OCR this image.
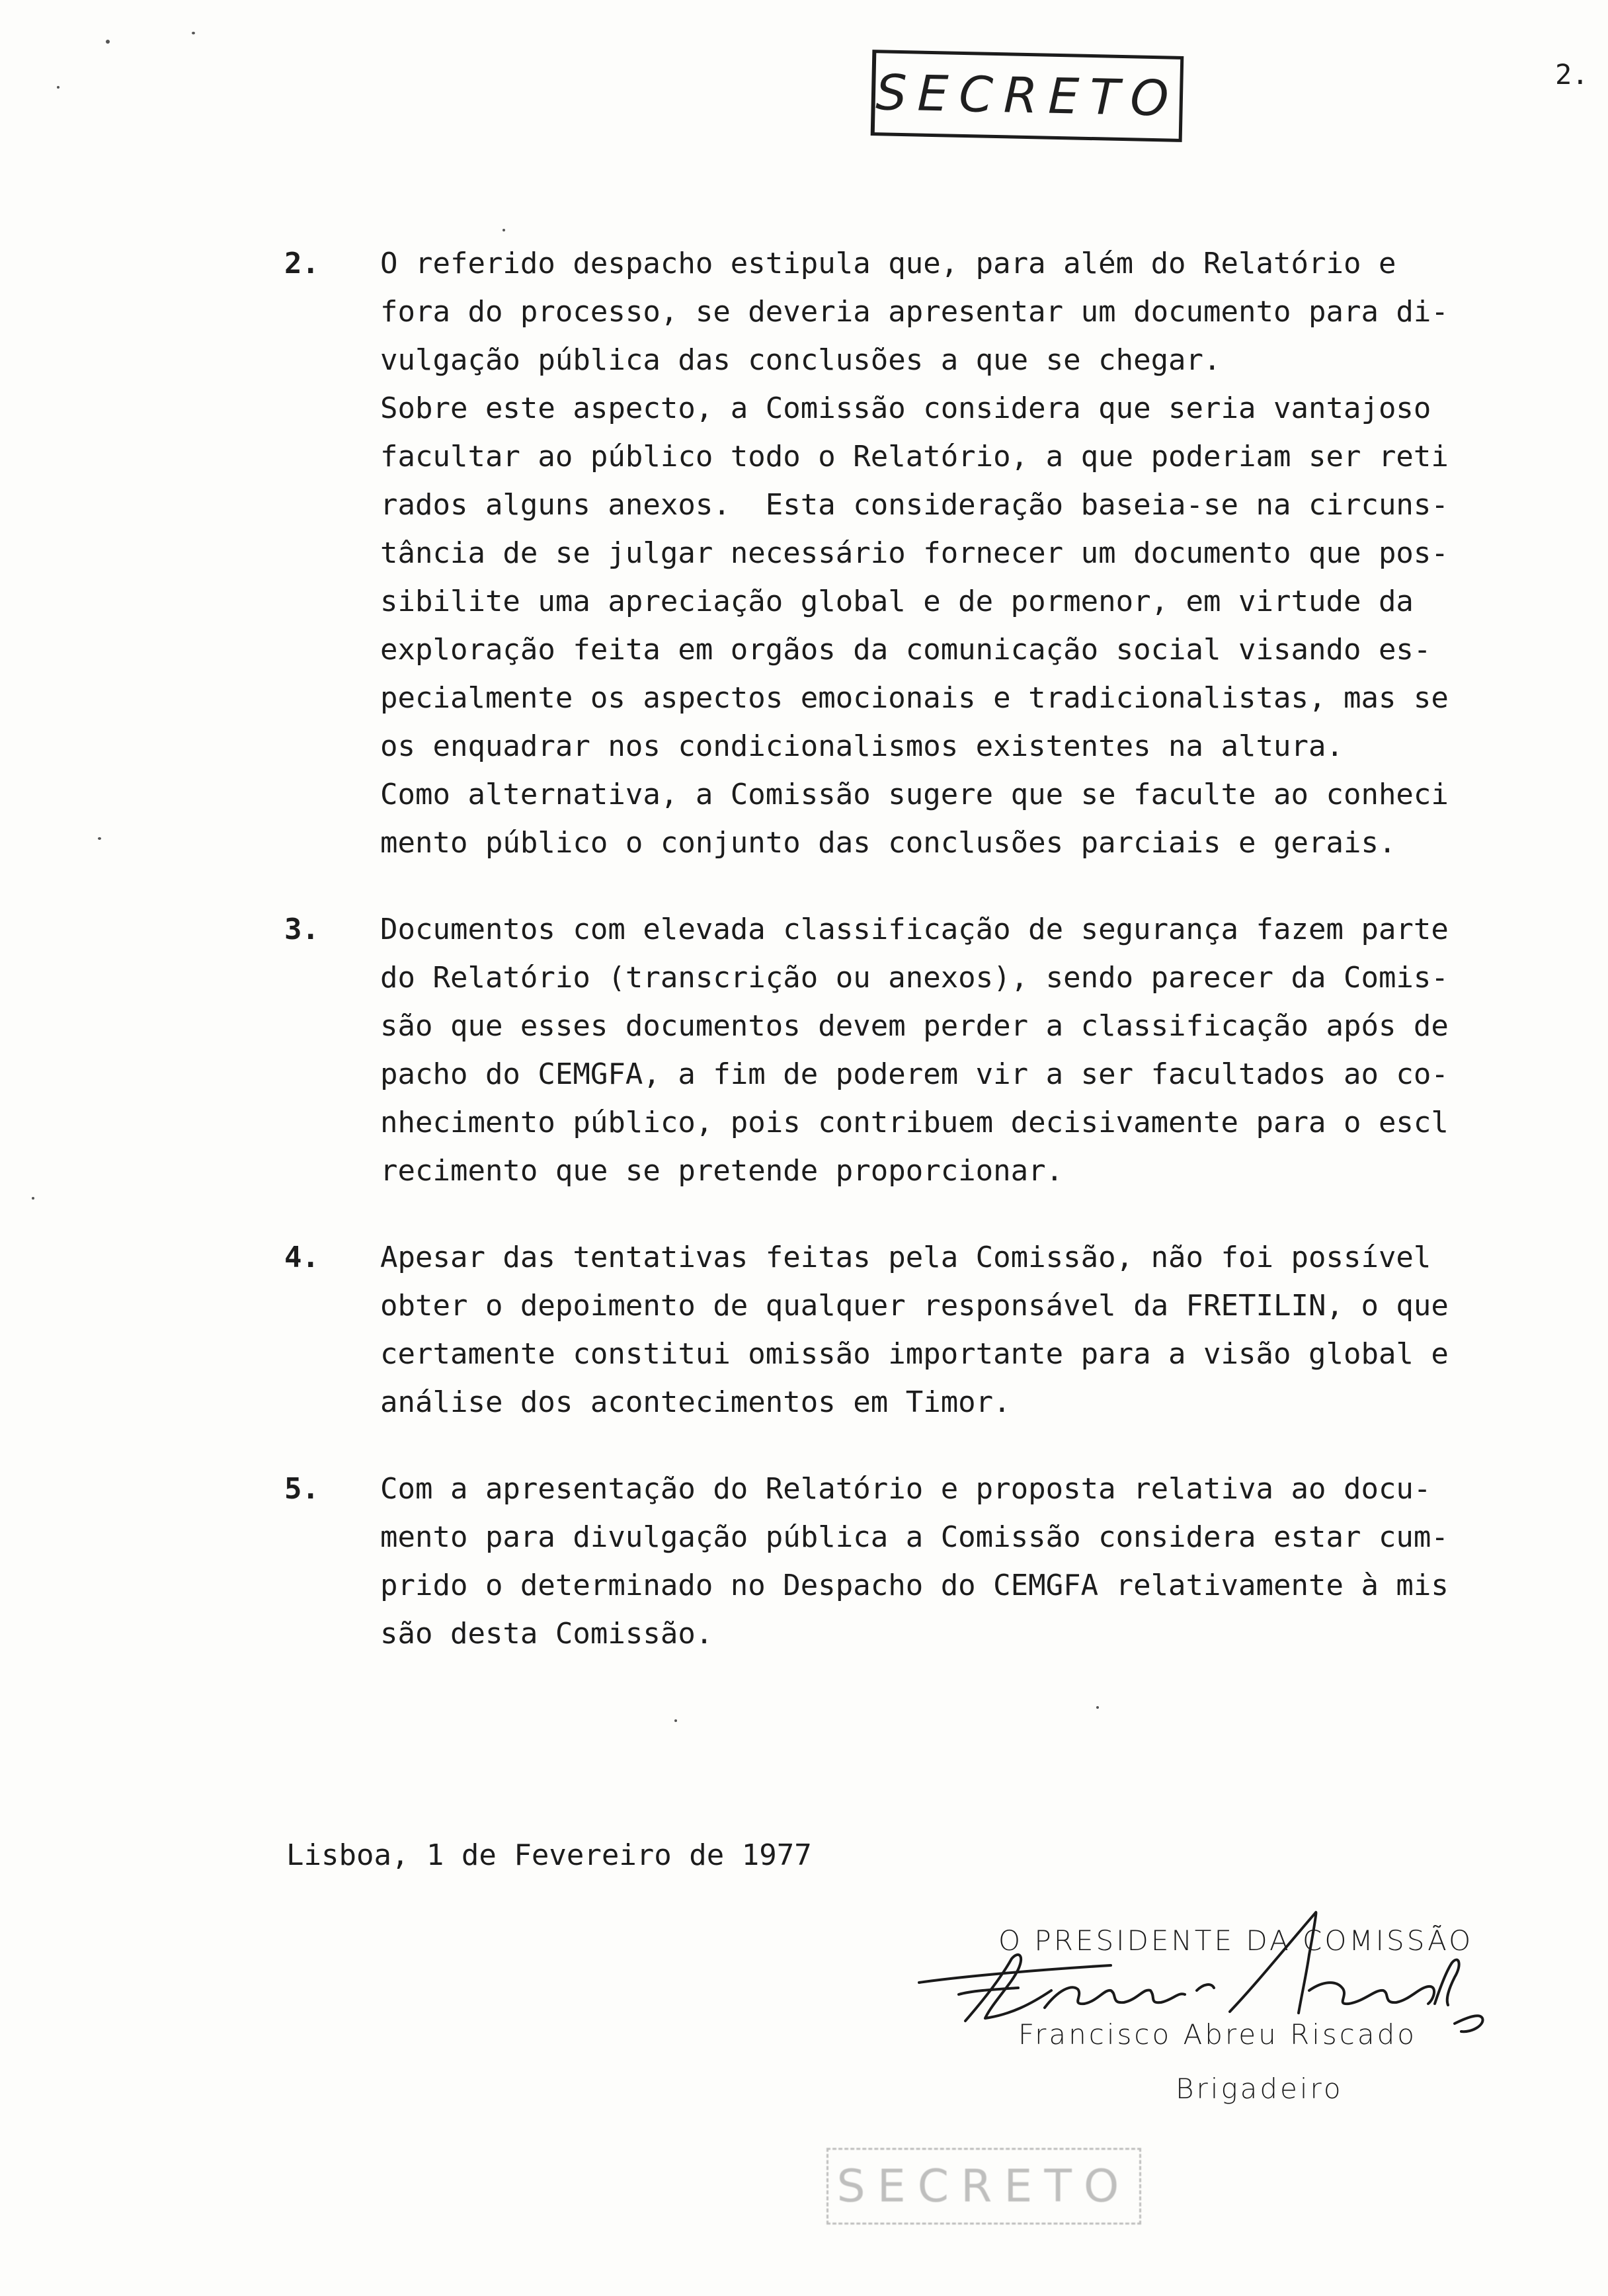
SECRETO	2.
2.	O referido despacho estipula que, para além do Relatório e
fora do processo, se deveria apresentar um documento para di-
vulgação pública das conclusões a que se chegar.
Sobre este aspecto, a Comissão considera que seria vantajoso
facultar ao público todo o Relatório, a que poderiam ser reti
rados alguns anexos.  Esta consideração baseia-se na circuns-
tância de se julgar necessário fornecer um documento que pos-
sibilite uma apreciação global e de pormenor, em virtude da
exploração feita em orgãos da comunicação social visando es-
pecialmente os aspectos emocionais e tradicionalistas, mas se
os enquadrar nos condicionalismos existentes na altura.
Como alternativa, a Comissão sugere que se faculte ao conheci
mento público o conjunto das conclusões parciais e gerais.
3.	Documentos com elevada classificação de segurança fazem parte
do Relatório (transcrição ou anexos), sendo parecer da Comis-
são que esses documentos devem perder a classificação após de
pacho do CEMGFA, a fim de poderem vir a ser facultados ao co-
nhecimento público, pois contribuem decisivamente para o escl
recimento que se pretende proporcionar.
4.	Apesar das tentativas feitas pela Comissão, não foi possível
obter o depoimento de qualquer responsável da FRETILIN, o que
certamente constitui omissão importante para a visão global e
análise dos acontecimentos em Timor.
5.	Com a apresentação do Relatório e proposta relativa ao docu-
mento para divulgação pública a Comissão considera estar cum-
prido o determinado no Despacho do CEMGFA relativamente à mis
são desta Comissão.
Lisboa, 1 de Fevereiro de 1977
O PRESIDENTE DA COMISSÃO
Francisco Abreu Riscado
Brigadeiro
SECRETO
